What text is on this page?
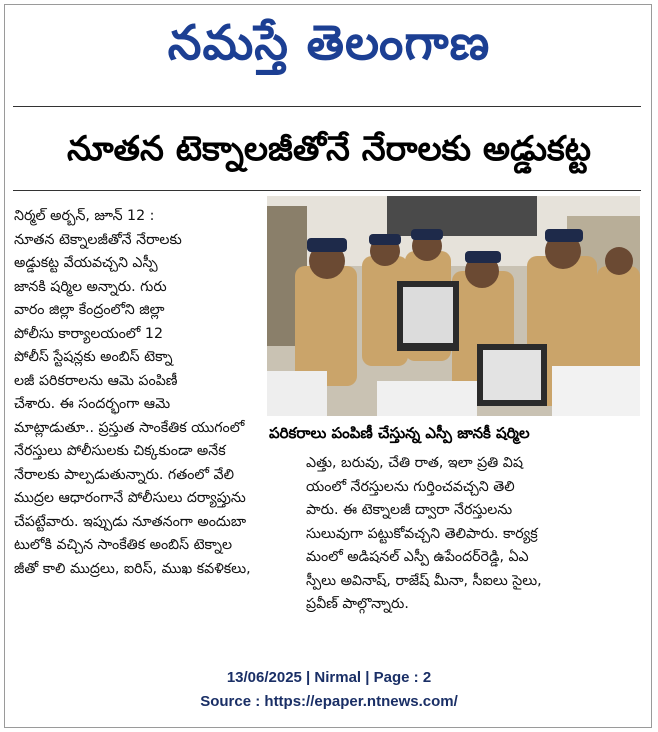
నమస్తే తెలంగాణ
నూతన టెక్నాలజీతోనే నేరాలకు అడ్డుకట్ట
నిర్మల్ అర్బన్, జూన్ 12 :
నూతన టెక్నాలజీతోనే నేరాలకు
అడ్డుకట్ట వేయవచ్చని ఎస్పీ
జానకి షర్మిల అన్నారు. గురు
వారం జిల్లా కేంద్రంలోని జిల్లా
పోలీసు కార్యాలయంలో 12
పోలీస్ స్టేషన్లకు అంబిస్ టెక్నా
లజీ పరికరాలను ఆమె పంపిణీ
చేశారు. ఈ సందర్భంగా ఆమె
మాట్లాడుతూ.. ప్రస్తుత సాంకేతిక యుగంలో
నేరస్తులు పోలీసులకు చిక్కకుండా అనేక
నేరాలకు పాల్పడుతున్నారు. గతంలో వేలి
ముద్రల ఆధారంగానే పోలీసులు దర్యాప్తును
చేపట్టేవారు. ఇప్పుడు నూతనంగా అందుబా
టులోకి వచ్చిన సాంకేతిక అంబిస్ టెక్నాల
జీతో కాలి ముద్రలు, ఐరిస్, ముఖ కవళికలు,
పరికరాలు పంపిణీ చేస్తున్న ఎస్పీ జానకీ షర్మిల
ఎత్తు, బరువు, చేతి రాత, ఇలా ప్రతి విష
యంలో నేరస్తులను గుర్తించవచ్చని తెలి
పారు. ఈ టెక్నాలజీ ద్వారా నేరస్తులను
సులువుగా పట్టుకోవచ్చని తెలిపారు. కార్యక్ర
మంలో అడిషనల్ ఎస్పీ ఉపేందర్‌రెడ్డి, ఏఎ
స్పీలు అవినాష్, రాజేష్ మీనా, సీఐలు సైలు,
ప్రవీణ్ పాల్గొన్నారు.
13/06/2025 | Nirmal | Page : 2
Source : https://epaper.ntnews.com/
